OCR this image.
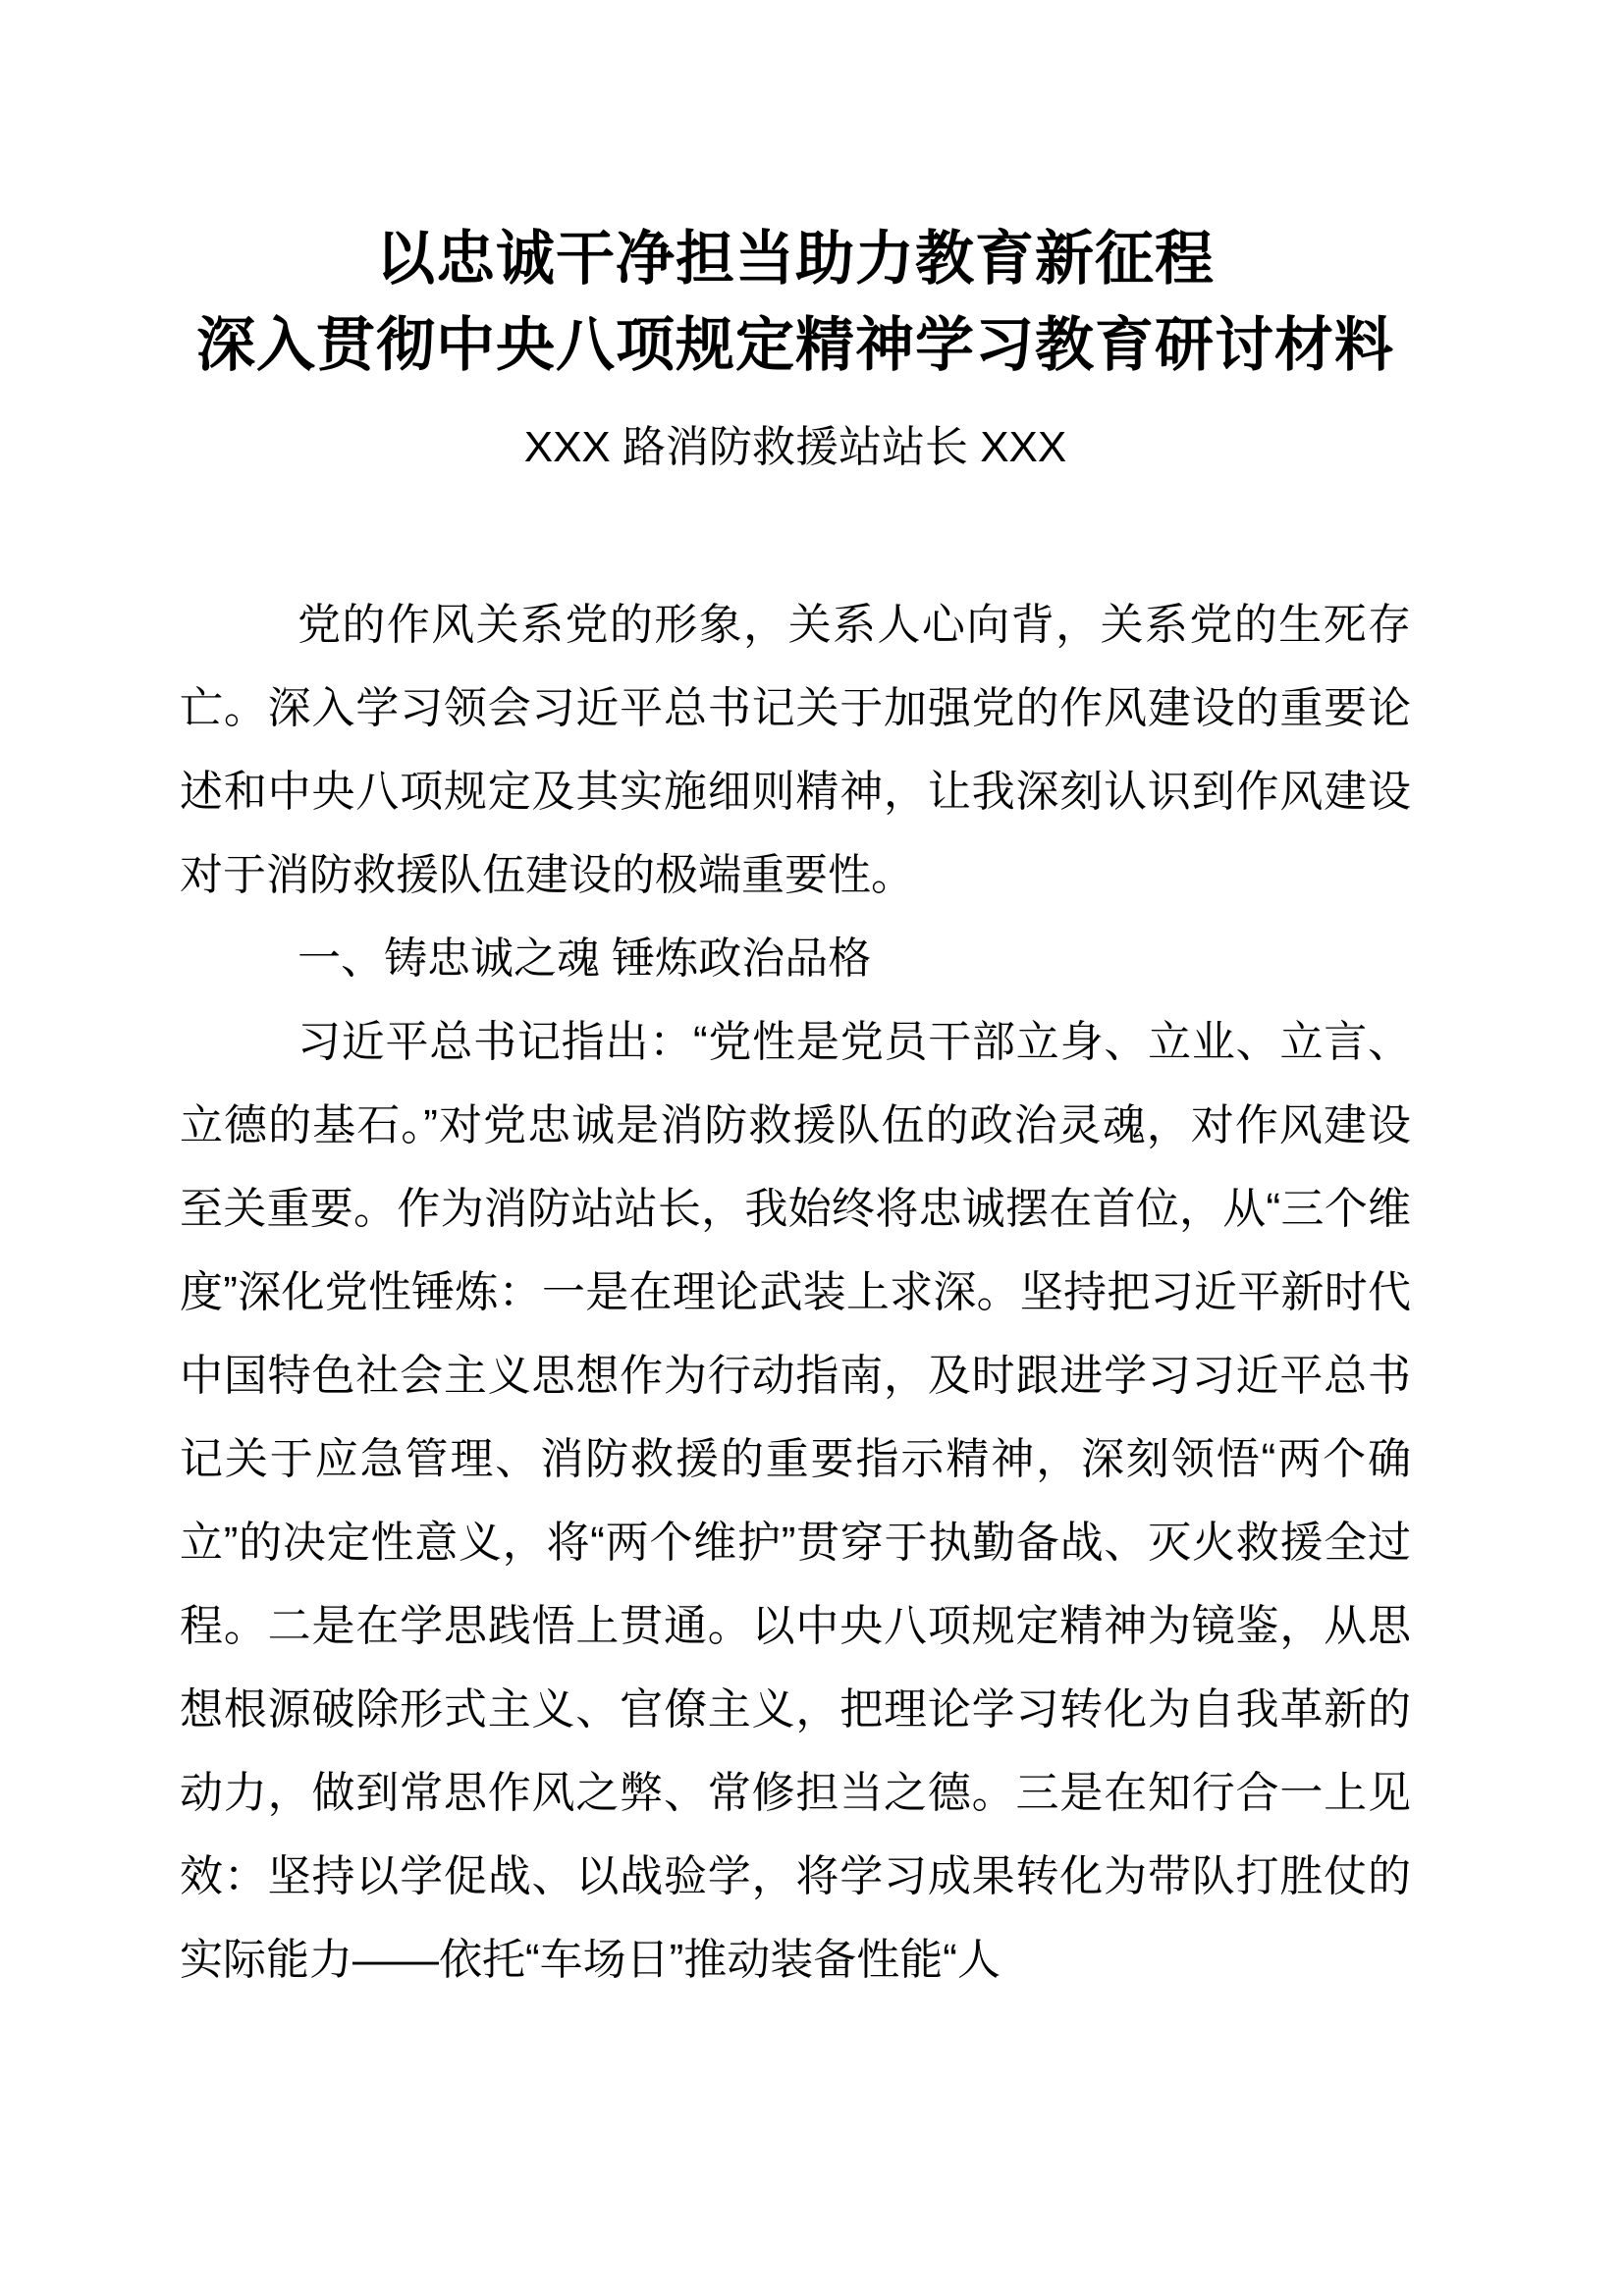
以忠诚干净担当助力教育新征程
深入贯彻中央八项规定精神学习教育研讨材料
XXX 路消防救援站站长 XXX

党的作风关系党的形象，关系人心向背，关系党的生死存亡。深入学习领会习近平总书记关于加强党的作风建设的重要论述和中央八项规定及其实施细则精神，让我深刻认识到作风建设对于消防救援队伍建设的极端重要性。

一、铸忠诚之魂 锤炼政治品格

习近平总书记指出：“党性是党员干部立身、立业、立言、立德的基石。”对党忠诚是消防救援队伍的政治灵魂，对作风建设至关重要。作为消防站站长，我始终将忠诚摆在首位，从“三个维度”深化党性锤炼：一是在理论武装上求深。坚持把习近平新时代中国特色社会主义思想作为行动指南，及时跟进学习习近平总书记关于应急管理、消防救援的重要指示精神，深刻领悟“两个确立”的决定性意义，将“两个维护”贯穿于执勤备战、灭火救援全过程。二是在学思践悟上贯通。以中央八项规定精神为镜鉴，从思想根源破除形式主义、官僚主义，把理论学习转化为自我革新的动力，做到常思作风之弊、常修担当之德。三是在知行合一上见效：坚持以学促战、以战验学，将学习成果转化为带队打胜仗的实际能力——依托“车场日”推动装备性能“人
